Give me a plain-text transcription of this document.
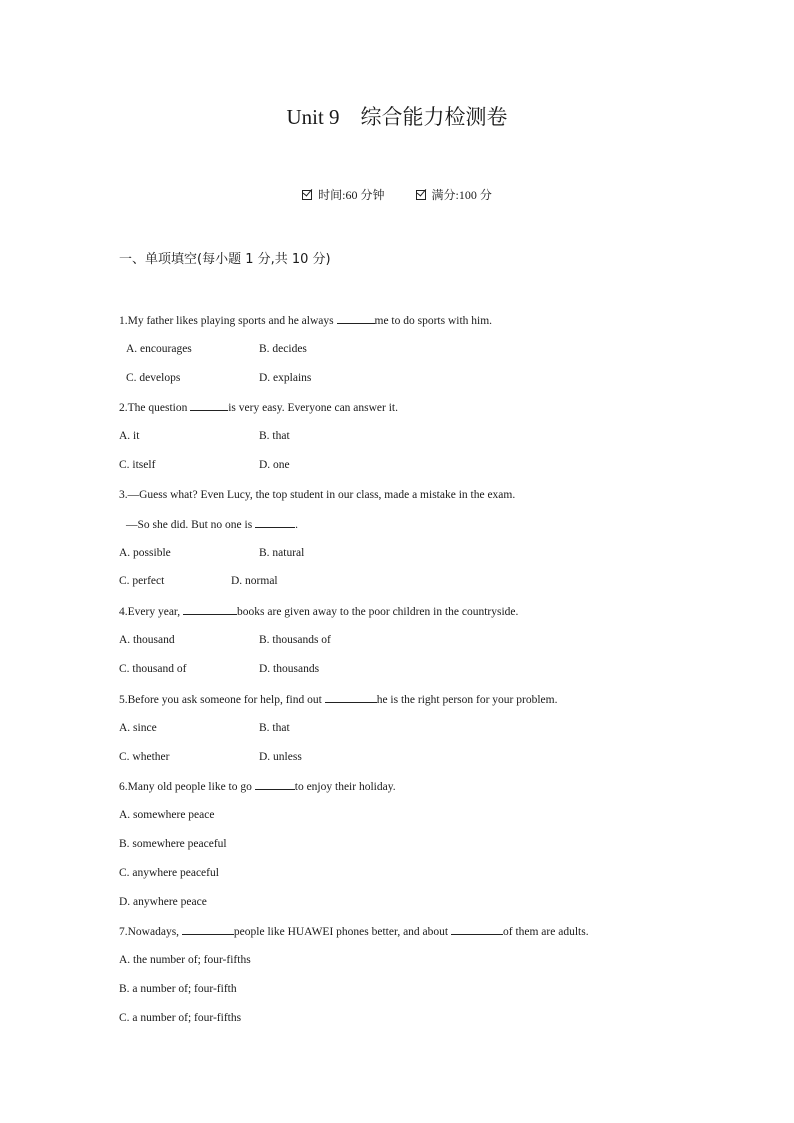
Unit 9　综合能力检测卷
时间:60 分钟	满分:100 分
一、单项填空(每小题 1 分,共 10 分)
1.My father likes playing sports and he always	me to do sports with him.
A. encourages	B. decides
C. develops	D. explains
2.The question	is very easy. Everyone can answer it.
A. it	B. that
C. itself	D. one
3.—Guess what? Even Lucy, the top student in our class, made a mistake in the exam.
—So she did. But no one is	.
A. possible	B. natural
C. perfect	D. normal
4.Every year,	books are given away to the poor children in the countryside.
A. thousand	B. thousands of
C. thousand of	D. thousands
5.Before you ask someone for help, find out	he is the right person for your problem.
A. since	B. that
C. whether	D. unless
6.Many old people like to go	to enjoy their holiday.
A. somewhere peace
B. somewhere peaceful
C. anywhere peaceful
D. anywhere peace
7.Nowadays,	people like HUAWEI phones better, and about	of them are adults.
A. the number of; four-fifths
B. a number of; four-fifth
C. a number of; four-fifths
